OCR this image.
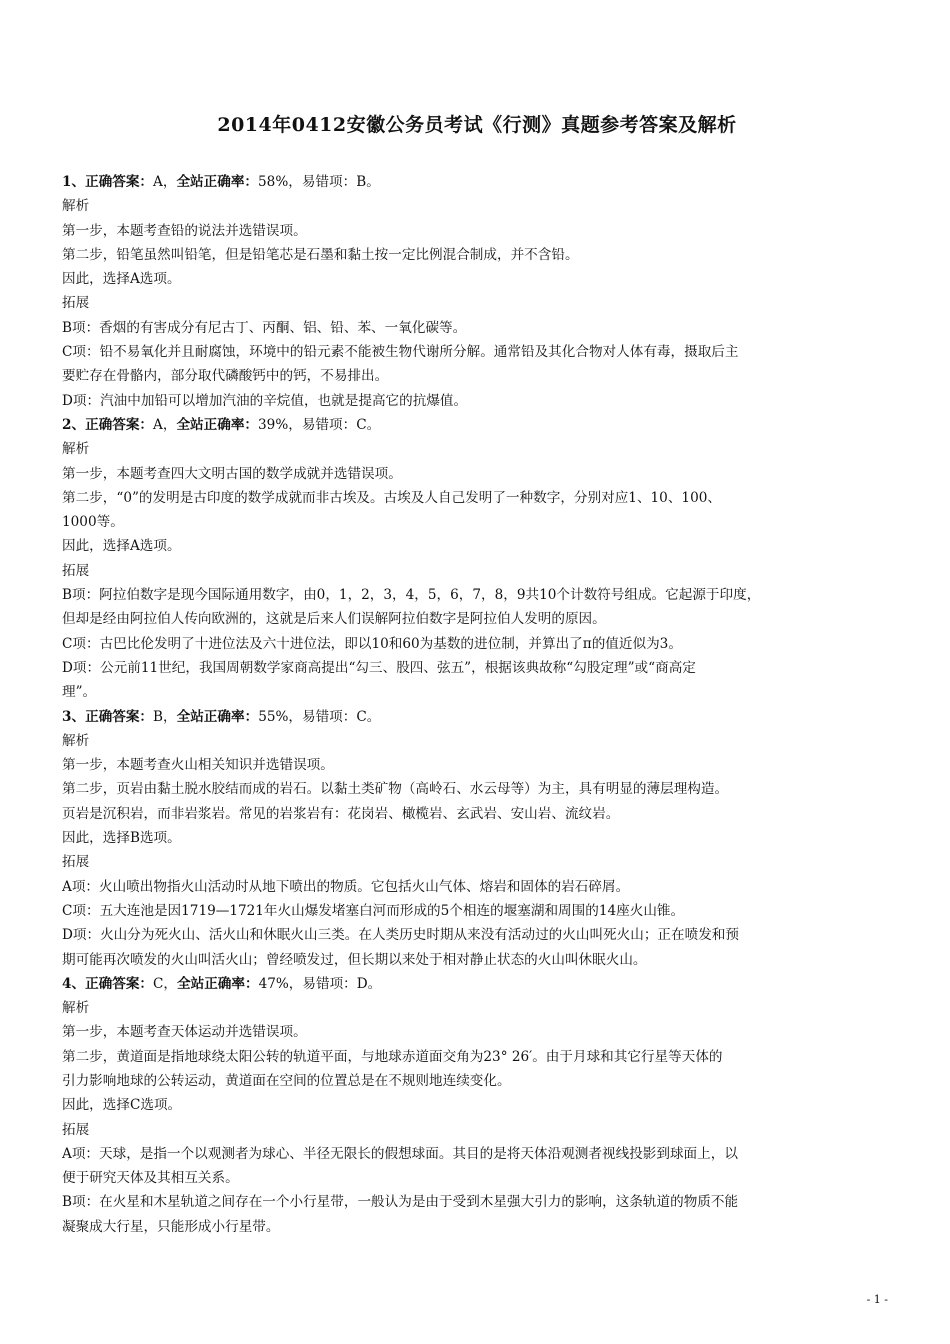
2014年0412安徽公务员考试《行测》真题参考答案及解析
1、正确答案：A，全站正确率：58%，易错项：B。
解析
第一步，本题考查铅的说法并选错误项。
第二步，铅笔虽然叫铅笔，但是铅笔芯是石墨和黏土按一定比例混合制成，并不含铅。
因此，选择A选项。
拓展
B项：香烟的有害成分有尼古丁、丙酮、铝、铅、苯、一氧化碳等。
C项：铅不易氧化并且耐腐蚀，环境中的铅元素不能被生物代谢所分解。通常铅及其化合物对人体有毒，摄取后主
要贮存在骨骼内，部分取代磷酸钙中的钙，不易排出。
D项：汽油中加铅可以增加汽油的辛烷值，也就是提高它的抗爆值。
2、正确答案：A，全站正确率：39%，易错项：C。
解析
第一步，本题考查四大文明古国的数学成就并选错误项。
第二步，“0”的发明是古印度的数学成就而非古埃及。古埃及人自己发明了一种数字，分别对应1、10、100、
1000等。
因此，选择A选项。
拓展
B项：阿拉伯数字是现今国际通用数字，由0，1，2，3，4，5，6，7，8，9共10个计数符号组成。它起源于印度，
但却是经由阿拉伯人传向欧洲的，这就是后来人们误解阿拉伯数字是阿拉伯人发明的原因。
C项：古巴比伦发明了十进位法及六十进位法，即以10和60为基数的进位制，并算出了π的值近似为3。
D项：公元前11世纪，我国周朝数学家商高提出“勾三、股四、弦五”，根据该典故称“勾股定理”或“商高定
理”。
3、正确答案：B，全站正确率：55%，易错项：C。
解析
第一步，本题考查火山相关知识并选错误项。
第二步，页岩由黏土脱水胶结而成的岩石。以黏土类矿物（高岭石、水云母等）为主，具有明显的薄层理构造。
页岩是沉积岩，而非岩浆岩。常见的岩浆岩有：花岗岩、橄榄岩、玄武岩、安山岩、流纹岩。
因此，选择B选项。
拓展
A项：火山喷出物指火山活动时从地下喷出的物质。它包括火山气体、熔岩和固体的岩石碎屑。
C项：五大连池是因1719—1721年火山爆发堵塞白河而形成的5个相连的堰塞湖和周围的14座火山锥。
D项：火山分为死火山、活火山和休眠火山三类。在人类历史时期从来没有活动过的火山叫死火山；正在喷发和预
期可能再次喷发的火山叫活火山；曾经喷发过，但长期以来处于相对静止状态的火山叫休眠火山。
4、正确答案：C，全站正确率：47%，易错项：D。
解析
第一步，本题考查天体运动并选错误项。
第二步，黄道面是指地球绕太阳公转的轨道平面，与地球赤道面交角为23° 26′。由于月球和其它行星等天体的
引力影响地球的公转运动，黄道面在空间的位置总是在不规则地连续变化。
因此，选择C选项。
拓展
A项：天球，是指一个以观测者为球心、半径无限长的假想球面。其目的是将天体沿观测者视线投影到球面上，以
便于研究天体及其相互关系。
B项：在火星和木星轨道之间存在一个小行星带，一般认为是由于受到木星强大引力的影响，这条轨道的物质不能
凝聚成大行星，只能形成小行星带。
- 1 -
